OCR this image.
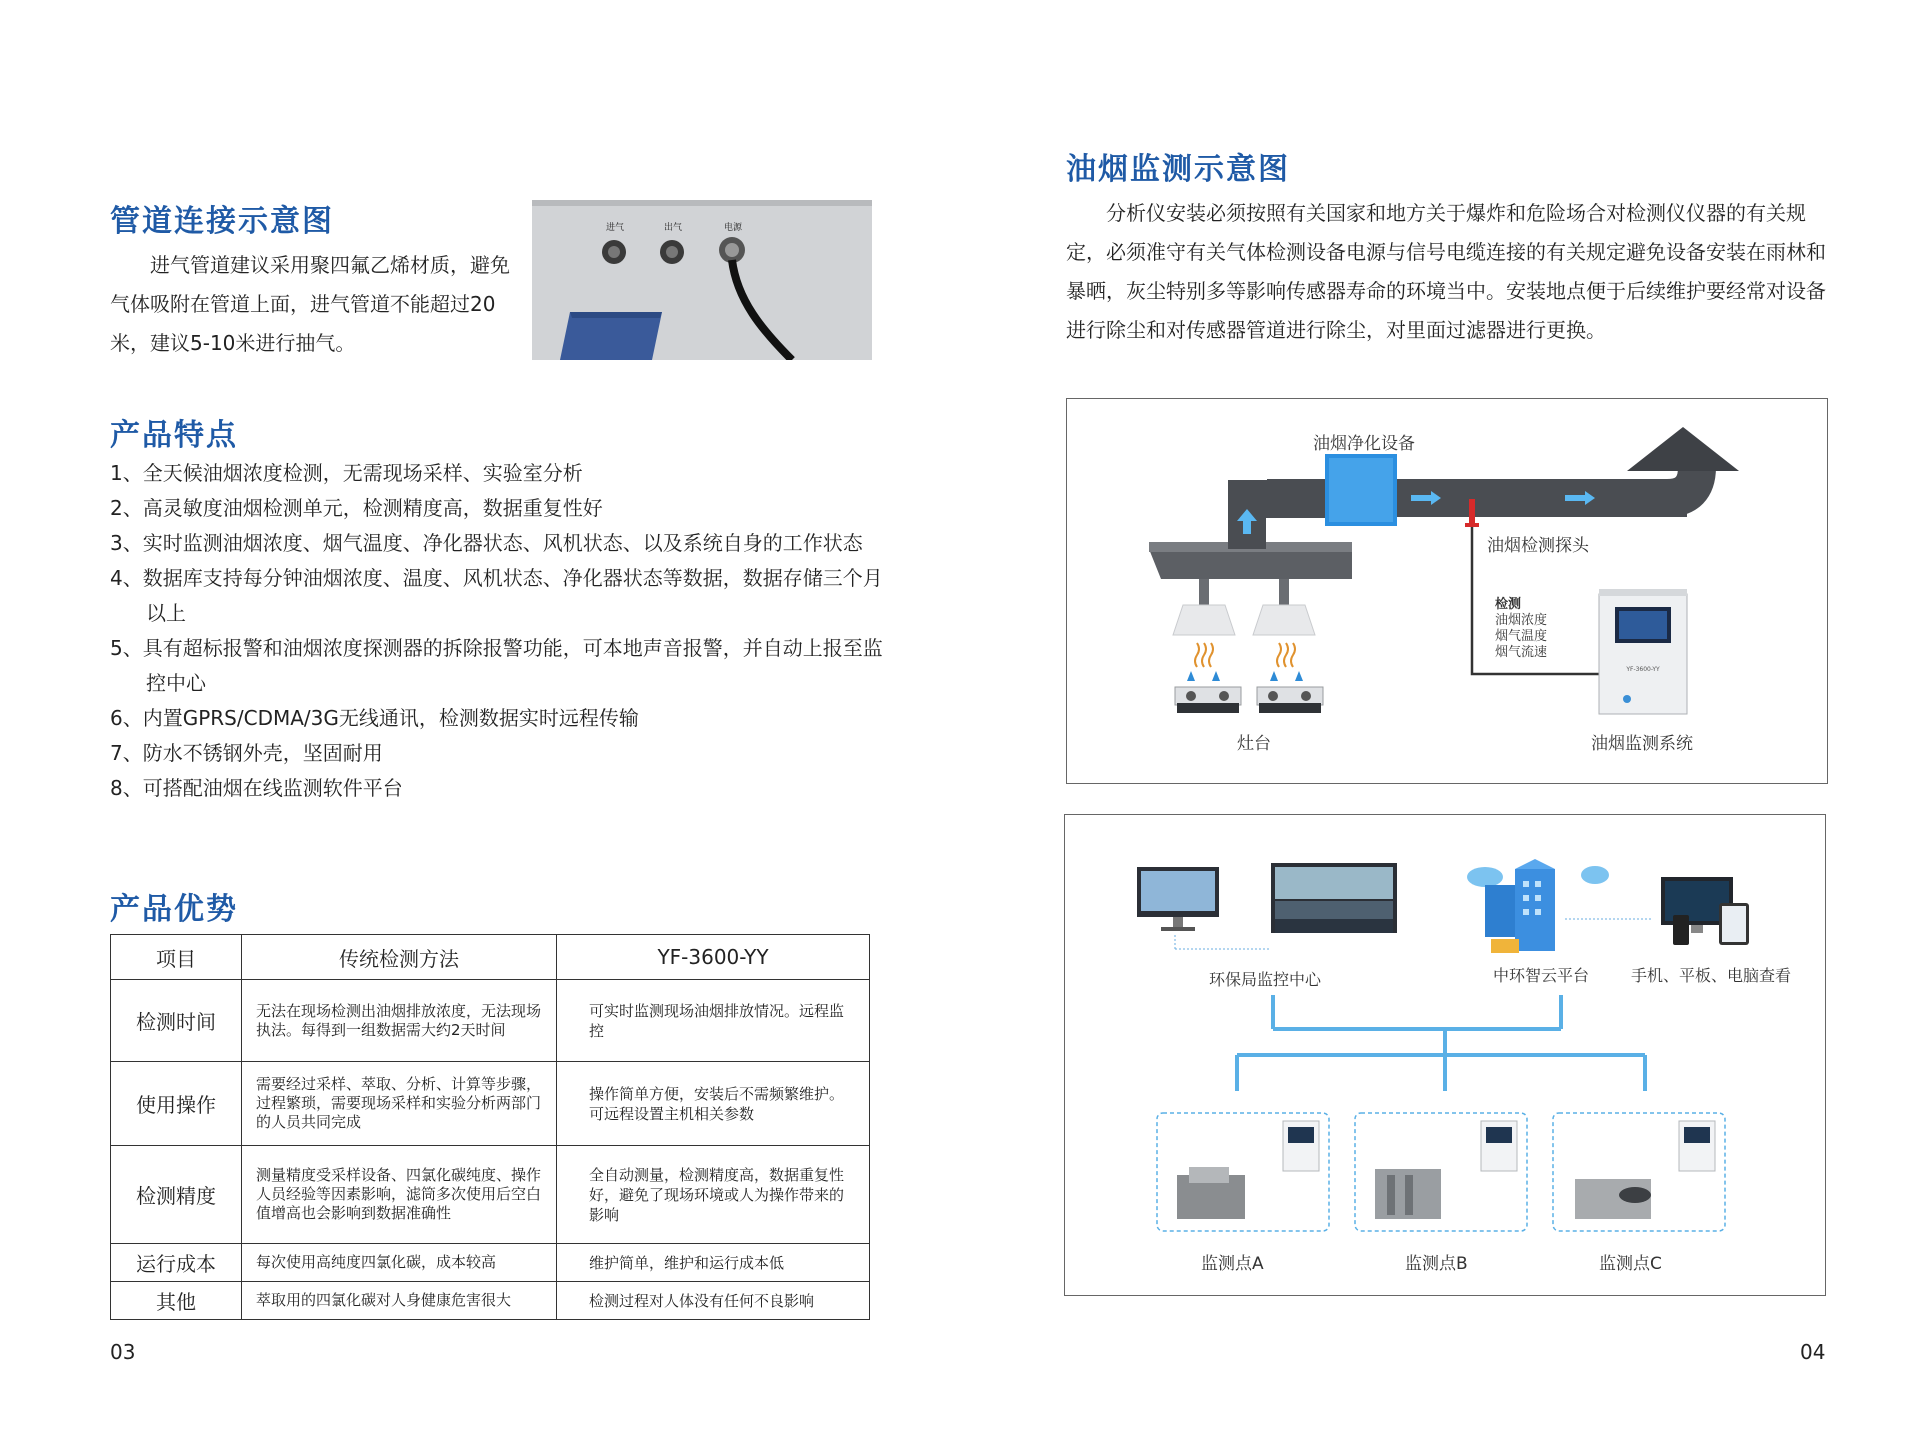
管道连接示意图
进气管道建议采用聚四氟乙烯材质，避免气体吸附在管道上面，进气管道不能超过20米，建议5-10米进行抽气。
进气	出气	电源
产品特点
1、全天候油烟浓度检测，无需现场采样、实验室分析
2、高灵敏度油烟检测单元，检测精度高，数据重复性好
3、实时监测油烟浓度、烟气温度、净化器状态、风机状态、以及系统自身的工作状态
4、数据库支持每分钟油烟浓度、温度、风机状态、净化器状态等数据，数据存储三个月以上
5、具有超标报警和油烟浓度探测器的拆除报警功能，可本地声音报警，并自动上报至监控中心
6、内置GPRS/CDMA/3G无线通讯，检测数据实时远程传输
7、防水不锈钢外壳，坚固耐用
8、可搭配油烟在线监测软件平台
产品优势
项目	传统检测方法	YF-3600-YY
检测时间	无法在现场检测出油烟排放浓度，无法现场执法。每得到一组数据需大约2天时间	可实时监测现场油烟排放情况。远程监控
使用操作	需要经过采样、萃取、分析、计算等步骤，过程繁琐，需要现场采样和实验分析两部门的人员共同完成	操作简单方便，安装后不需频繁维护。可远程设置主机相关参数
检测精度	测量精度受采样设备、四氯化碳纯度、操作人员经验等因素影响，滤筒多次使用后空白值增高也会影响到数据准确性	全自动测量，检测精度高，数据重复性好，避免了现场环境或人为操作带来的影响
运行成本	每次使用高纯度四氯化碳，成本较高	维护简单，维护和运行成本低
其他	萃取用的四氯化碳对人身健康危害很大	检测过程对人体没有任何不良影响
03
油烟监测示意图
分析仪安装必须按照有关国家和地方关于爆炸和危险场合对检测仪仪器的有关规定，必须准守有关气体检测设备电源与信号电缆连接的有关规定避免设备安装在雨林和暴晒，灰尘特别多等影响传感器寿命的环境当中。安装地点便于后续维护要经常对设备进行除尘和对传感器管道进行除尘，对里面过滤器进行更换。
YF-3600-YY
油烟净化设备
油烟检测探头
检测
油烟浓度
烟气温度
烟气流速
灶台	油烟监测系统
环保局监控中心	中环智云平台	手机、平板、电脑查看
监测点A	监测点B	监测点C
04
